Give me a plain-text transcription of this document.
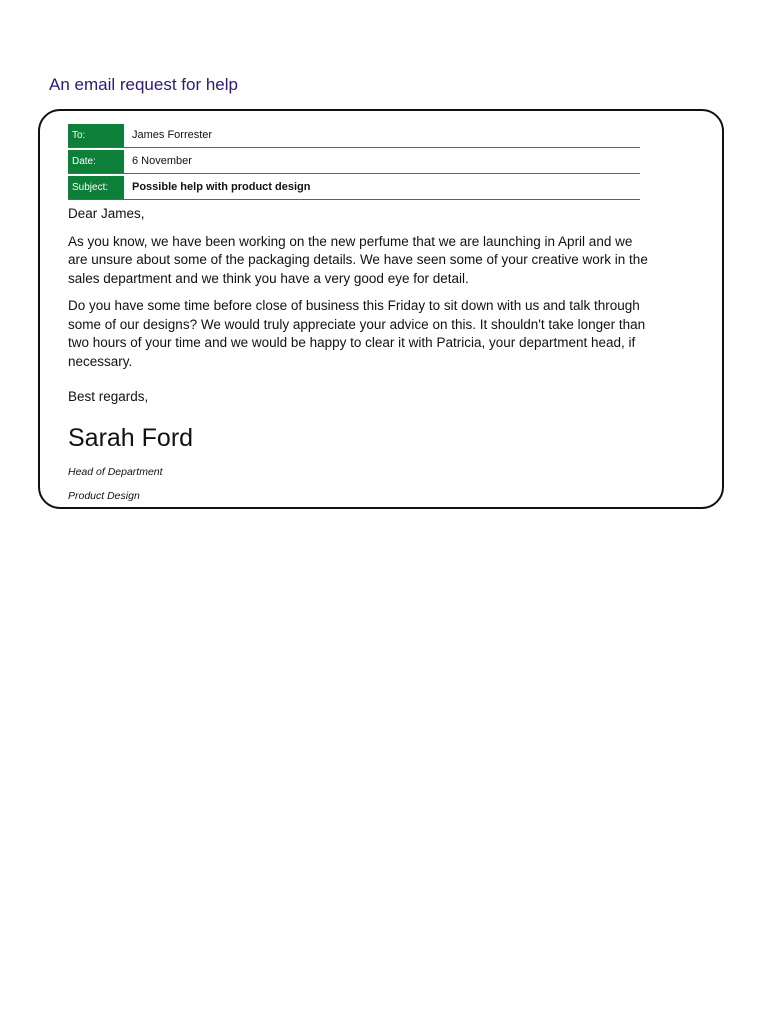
An email request for help
To:	James Forrester
Date:	6 November
Subject:	Possible help with product design

Dear James,

As you know, we have been working on the new perfume that we are launching in April and we are unsure about some of the packaging details. We have seen some of your creative work in the sales department and we think you have a very good eye for detail.

Do you have some time before close of business this Friday to sit down with us and talk through some of our designs? We would truly appreciate your advice on this. It shouldn't take longer than two hours of your time and we would be happy to clear it with Patricia, your department head, if necessary.

Best regards,

Sarah Ford

Head of Department

Product Design
